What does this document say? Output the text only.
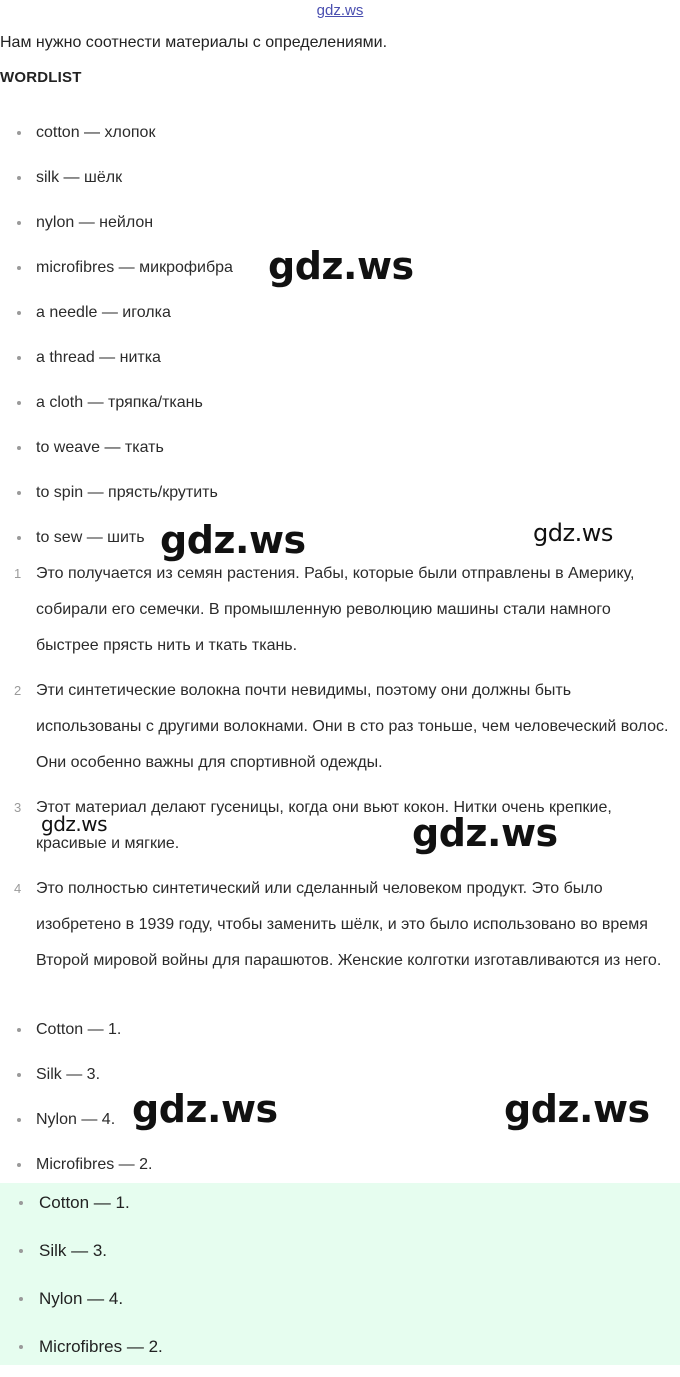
gdz.ws
Нам нужно соотнести материалы с определениями.
WORDLIST
cotton — хлопок
silk — шёлк
nylon — нейлон
microfibres — микрофибра
a needle — иголка
a thread — нитка
a cloth — тряпка/ткань
to weave — ткать
to spin — прясть/крутить
to sew — шить
1 Это получается из семян растения. Рабы, которые были отправлены в Америку, собирали его семечки. В промышленную революцию машины стали намного быстрее прясть нить и ткать ткань.
2 Эти синтетические волокна почти невидимы, поэтому они должны быть использованы с другими волокнами. Они в сто раз тоньше, чем человеческий волос. Они особенно важны для спортивной одежды.
3 Этот материал делают гусеницы, когда они вьют кокон. Нитки очень крепкие, красивые и мягкие.
4 Это полностью синтетический или сделанный человеком продукт. Это было изобретено в 1939 году, чтобы заменить шёлк, и это было использовано во время Второй мировой войны для парашютов. Женские колготки изготавливаются из него.
Cotton — 1.
Silk — 3.
Nylon — 4.
Microfibres — 2.
Cotton — 1.
Silk — 3.
Nylon — 4.
Microfibres — 2.
gdz.ws
gdz.ws	gdz.ws
gdz.ws	gdz.ws
gdz.ws	gdz.ws
